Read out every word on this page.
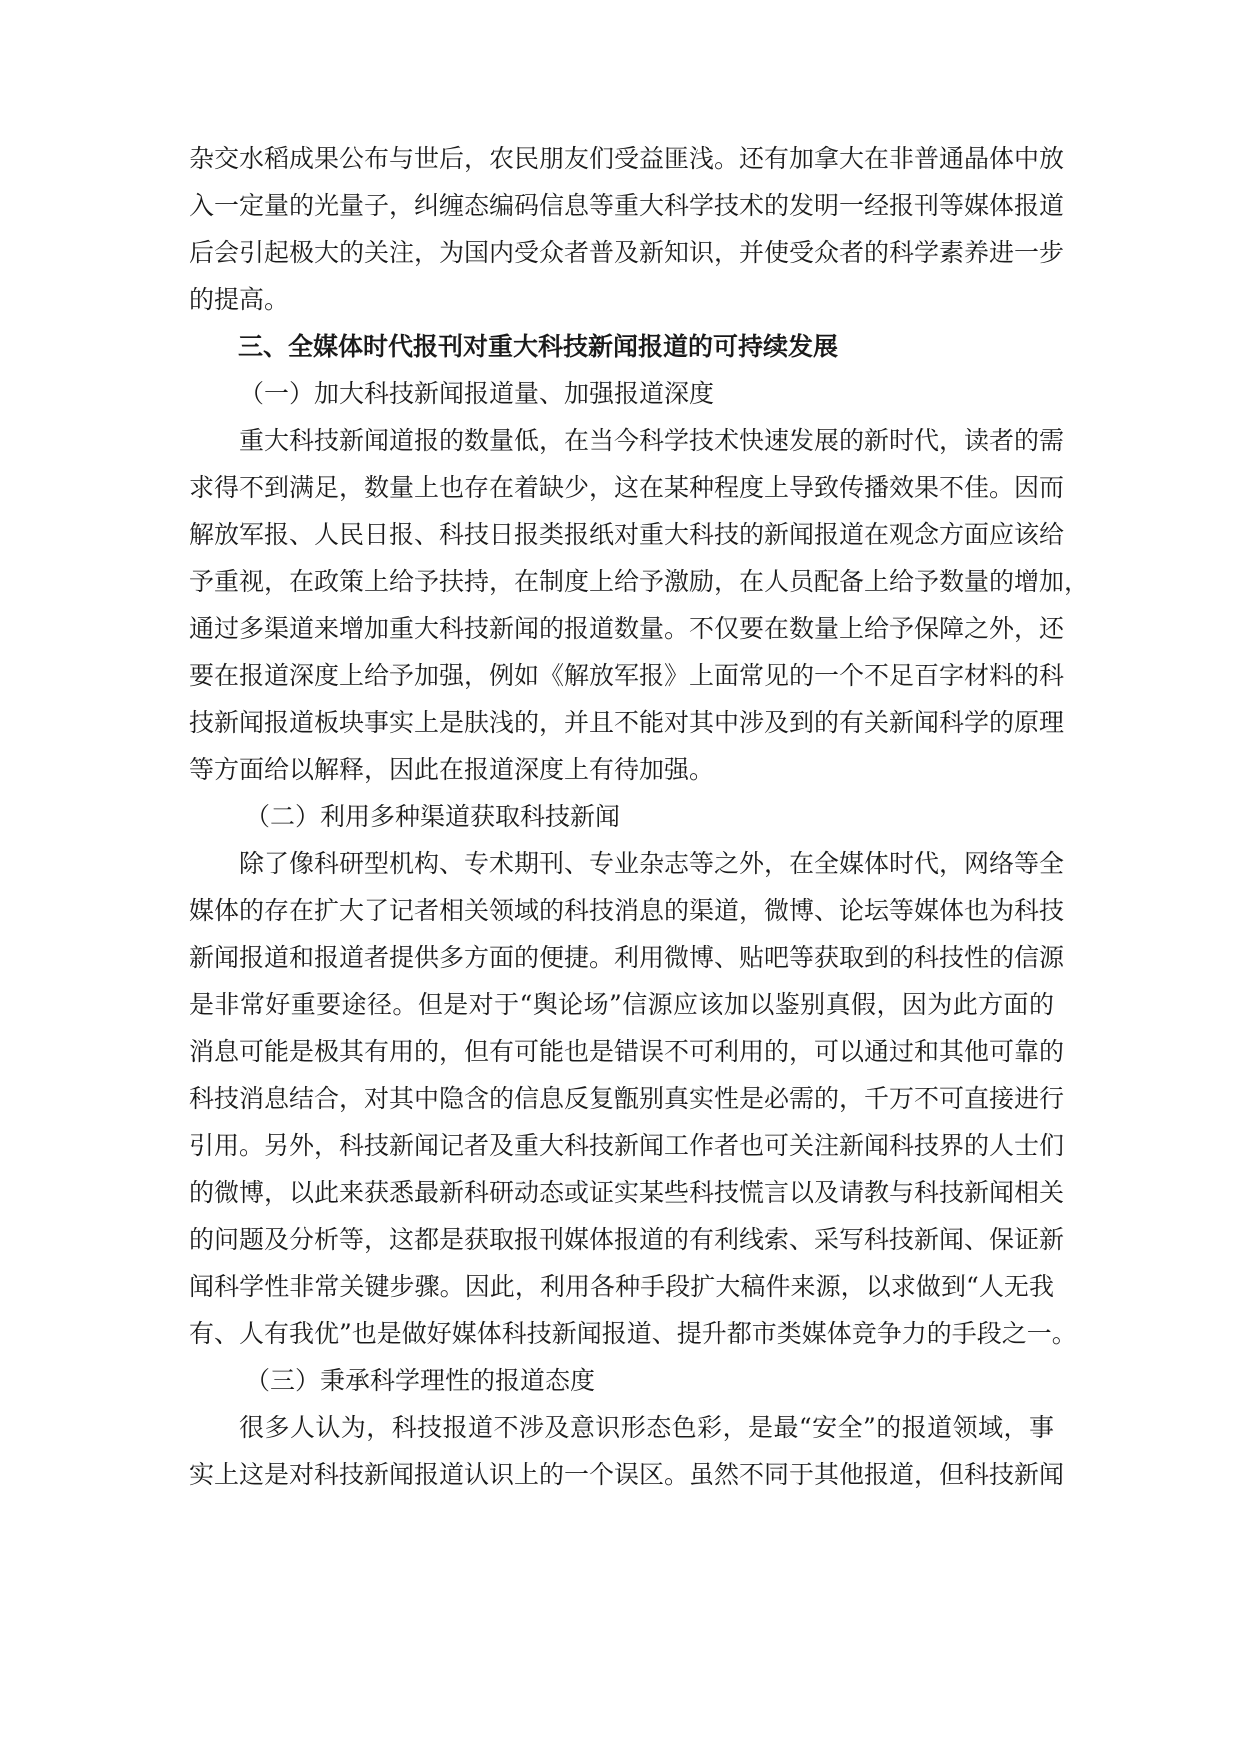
杂交水稻成果公布与世后，农民朋友们受益匪浅。还有加拿大在非普通晶体中放
入一定量的光量子，纠缠态编码信息等重大科学技术的发明一经报刊等媒体报道
后会引起极大的关注，为国内受众者普及新知识，并使受众者的科学素养进一步
的提高。
三、全媒体时代报刊对重大科技新闻报道的可持续发展
（一）加大科技新闻报道量、加强报道深度
重大科技新闻道报的数量低，在当今科学技术快速发展的新时代，读者的需
求得不到满足，数量上也存在着缺少，这在某种程度上导致传播效果不佳。因而
解放军报、人民日报、科技日报类报纸对重大科技的新闻报道在观念方面应该给
予重视，在政策上给予扶持，在制度上给予激励，在人员配备上给予数量的增加，
通过多渠道来增加重大科技新闻的报道数量。不仅要在数量上给予保障之外，还
要在报道深度上给予加强，例如《解放军报》上面常见的一个不足百字材料的科
技新闻报道板块事实上是肤浅的，并且不能对其中涉及到的有关新闻科学的原理
等方面给以解释，因此在报道深度上有待加强。
（二）利用多种渠道获取科技新闻
除了像科研型机构、专术期刊、专业杂志等之外，在全媒体时代，网络等全
媒体的存在扩大了记者相关领域的科技消息的渠道，微博、论坛等媒体也为科技
新闻报道和报道者提供多方面的便捷。利用微博、贴吧等获取到的科技性的信源
是非常好重要途径。但是对于“舆论场”信源应该加以鉴别真假，因为此方面的
消息可能是极其有用的，但有可能也是错误不可利用的，可以通过和其他可靠的
科技消息结合，对其中隐含的信息反复甑别真实性是必需的，千万不可直接进行
引用。另外，科技新闻记者及重大科技新闻工作者也可关注新闻科技界的人士们
的微博，以此来获悉最新科研动态或证实某些科技慌言以及请教与科技新闻相关
的问题及分析等，这都是获取报刊媒体报道的有利线索、采写科技新闻、保证新
闻科学性非常关键步骤。因此，利用各种手段扩大稿件来源，以求做到“人无我
有、人有我优”也是做好媒体科技新闻报道、提升都市类媒体竞争力的手段之一。
（三）秉承科学理性的报道态度
很多人认为，科技报道不涉及意识形态色彩，是最“安全”的报道领域，事
实上这是对科技新闻报道认识上的一个误区。虽然不同于其他报道，但科技新闻
